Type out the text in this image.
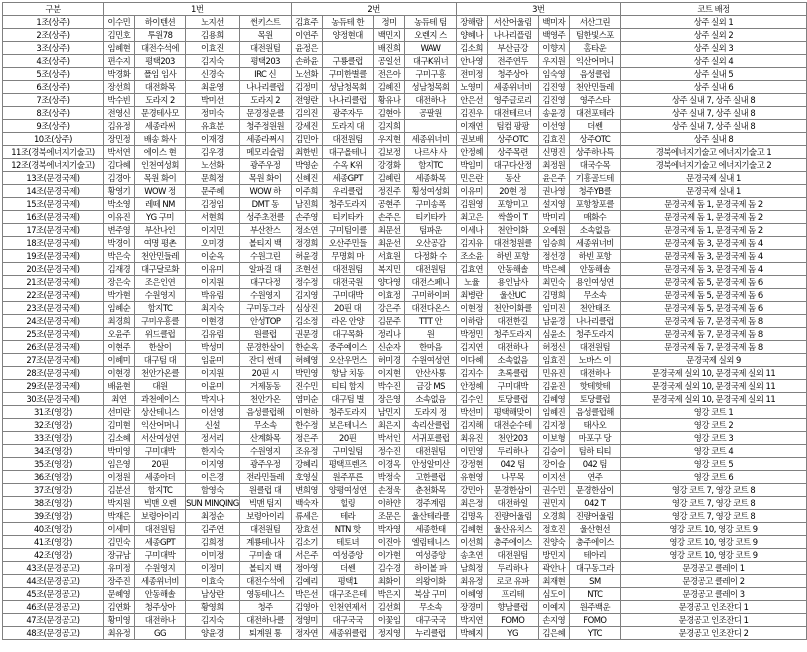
구분	1번				2번				3번				코트 배정
1조(상주)	이수민	하이텐션	노지선	썬키스트	김효주	농듀테 한	정미	농듀테 팀	장해람	서산어울림	백미자	서산그린	상주 실외 1
2조(상주)	김민호	투원78	김용희	목원	이연주	양정현대	백민지	오렌지 스	양혜나	나나리플림	백영주	팀한빛스포	상주 실외 2
3조(상주)	임혜현	대전수석에	이효진	대전원팀	윤정은		배진희	WAW	김소희	부산금강	이향지	홈타운	상주 실외 3
4조(상주)	편수지	평택203	김지숙	평택203	손하윤	구룡클럽	공일선	대구K위너	안나영	전주연두	우지원	익산어머니	상주 실외 4
5조(상주)	박경화	폴임 임사	신경숙	IRC 신	노선화	구미한별클	전은아	구미구흥	전미정	청주상아	임숙영	음성클럽	상주 실내 5
6조(상주)	장선희	대전화목	최윤영	나나리클럽	김정미	성남청목회	김혜진	성남청목회	노영미	세종위너비	김진영	천안민들레	상주 실내 6
7조(상주)	박수빈	도라지 2	박미선	도라지 2	전영란	나나리클럽	황유나	대전하나	안은선	영주글로리	김진영	영주스타	상주 실내 7, 상주 실내 8
8조(상주)	전영신	문경테사모	정미숙	문경정운클	김의진	광주자두	김현아	공팔원	김진우	대전테르너	송윤경	대전포테라	상주 실내 7, 상주 실내 8
9조(상주)	김유정	세종라써	유효분	청주정원원	강세진	도라지 대	김지희		이재연	팀컴 팡팡	이선영	더쎈	상주 실내 7, 상주 실내 8
10조(상주)	장민정	배송 화사	이재경	세종라쩌시	김민아	대전원팀	우지현	세종위너비	권보배	상주OTC	김효진	상주OTC	상주 실내 8
11조(경북에너지기술고)	박서연	에이스 현	김우경	메모리슬럼	최한빈	대구올테니	김보정	나르샤 사	안정혜	상주목련	신명진	상주하나특	경북에너지기술고 에너지기술고 1
12조(경북에너지기술고)	김다혜	인천여성회	노선화	광주우정	박영순	수옥 K위	강경화	함지TC	박임미	대구다산정	최정원	대국수목	경북에너지기술고 에너지기술고 2
13조(문경국제)	김경아	목원 화이	문희정	목원 화이	신혜진	세종GPT	김혜린	세종화목	민은란	동산	윤은주	기흥골드테	문경국제 실내 1
14조(문경국제)	황영기	WOW 정	문주혜	WOW 하	이주희	우리클럽	정진주	횡성여성회	이유미	20현 정	권나영	청주YB클	문경국제 실내 1
15조(문경국제)	박소영	레떼 NM	김정임	DMT 동	남진희	청주도라지	공현주	구미송폭	김원영	포항미고	설지영	포항창포클	문경국제 돔 1, 문경국제 돔 2
16조(문경국제)	이유진	YG 구미	서현희	성주초전클	손주영	티키타카	손주은	티키타카	최고은	싹쓸이 T	박미리	매화수	문경국제 돔 1, 문경국제 돔 2
17조(문경국제)	변주영	부산나인	이지민	부산찬스	정소연	구미팀이클	최문선	팀파운	이세나	천안이화	오예원	소속없음	문경국제 돔 1, 문경국제 돔 2
18조(문경국제)	박경이	여명 평촌	오미경	볼티지 백	정경희	오산주민들	최운선	오산공감	김지유	대전청원클	임승희	세종위너비	문경국제 돔 3, 문경국제 돔 4
19조(문경국제)	박은숙	천안민들레	이순옥	수원그린	허윤경	무명회 마	서효원	다정화 수	조소윤	하빈 포항	정선경	하빈 포항	문경국제 돔 3, 문경국제 돔 4
20조(문경국제)	김재경	대구달로화	이유미	알파걸 대	조현선	대전원팀	복지민	대전원팀	김효연	안동해솔	박은혜	안동해솔	문경국제 돔 3, 문경국제 돔 4
21조(문경국제)	장은숙	조은인연	이지원	대구다정	정수정	대전국원	양다영	대전스페니	노율	용인남사	최민숙	용인여성연	문경국제 돔 5, 문경국제 돔 6
22조(문경국제)	박가현	수원영지	박유림	수원영지	김지영	구미대박	이효정	구미하이퍼	최병란	울산UC	김명희	무소속	문경국제 돔 5, 문경국제 돔 6
23조(문경국제)	임혜순	함지TC	최지숙	구미동그라	심상진	20핀 대	강은주	대전다온스	이현정	천안이화클	임미진	천안태조	문경국제 돔 5, 문경국제 돔 6
24조(문경국제)	최경희	구미우흥클	이현경	안성TOP	김소정	라온 안양	김문주	TTT 안	이하람	대전한길	남윤경	나나리클럽	문경국제 돔 7, 문경국제 돔 8
25조(문경국제)	오윤주	위드클럽	김유림	원클럽	권문경	대구목화	정리나	원	박정민	청주도라지	심윤소	청주도라지	문경국제 돔 7, 문경국제 돔 8
26조(문경국제)	이현주	한살이	박성미	문경한살이	한순옥	중주예이스	신순자	한마음	김지연	대전하나	허정신	대전원팀	문경국제 돔 7, 문경국제 돔 8
27조(문경국제)	이혜미	대구팀 대	임윤미	잔디 썬데	허혜영	오산우먼스	허미경	수원여성연	이다혜	소속없음	임효진	노바스 이	문경국제 실외 9
28조(문경국제)	이현경	천안가온클	이지원	20핀 시	박민영	항남 치동	이지현	안산사통	김지수	초록클럽	민유진	대전하나	문경국제 실외 10, 문경국제 실외 11
29조(문경국제)	배윤현	대원	이윤미	거제동동	진수민	티티 함지	박수진	금강 MS	안정혜	구미대박	김윤진	핫테핫테	문경국제 실외 10, 문경국제 실외 11
30조(문경국제)	최연	과천에이스	박지나	천안가온	염미순	대구팀 별	장은영	소속없음	김수인	토당클럽	김혜영	토당클럽	문경국제 실외 10, 문경국제 실외 11
31조(영강)	선미란	상산테니스	이선영	음성클럽해	이현하	청주도라지	남민지	도라지 정	박선미	평택해맞이	임혜진	음성클럽해	영강 코트 1
32조(영강)	김미현	익산어머니	신설	무소속	한수정	보은테니스	최은지	속리산클럽	김지해	대전순수테	김지정	태사오	영강 코트 2
33조(영강)	김소혜	서산여성연	정서리	산계화목	정은주	20핀	박서인	서귀포클럽	최유진	천안203	이보형	마포구 당	영강 코트 3
34조(영강)	박미영	구미대박	한지숙	수원영지	조유정	구미일팀	정수진	대전원팀	이민영	두리하나	김승이	팀하 티티	영강 코트 4
35조(영강)	임은영	20핀	이지영	광주우정	강혜리	평택프렌즈	이경옥	안성알미산	강정현	042 팀	강이슬	042 팀	영강 코트 5
36조(영강)	이정원	세종아더	이은경	전라민들레	호영실	원주푸른	박정숙	고한클럽	유현영	나무목	이지선	연주	영강 코트 6
37조(영강)	김분선	함지TC	함영숙	원클럽 대	변희영	양평여성연	손정욱	춘천화목	강민아	문경한삼이	권수민	문경한삼이	영강 코트 7, 영강 코트 8
38조(영강)	박지원	빅맨 오렌	SUN MINQING	빅맨 팀지	백숙자	힐링	이하얀	경주계림	최은정	대전하일	권민지	042 T	영강 코트 7, 영강 코트 8
39조(영강)	박재은	보령아이리	최정순	보령아이리	류세은	테라	조문은	울산테라클	김명옥	진량어울림	오경희	진량어울림	영강 코트 7, 영강 코트 8
40조(영강)	이세미	대전원팀	김주연	대전원팀	장효선	NTN 핫	박자영	세종한태	김혜현	울산유치스	정호진	울산현선	영강 코트 10, 영강 코트 9
41조(영강)	김민숙	세종GPT	김희정	계룡테니사	김소기	테토녀	이진아	엘림테니스	이선희	충주에이스	진양숙	충주에이스	영강 코트 10, 영강 코트 9
42조(영강)	장규남	구미대박	이미정	구미솔 대	서은주	여성증앙	이가현	여성증앙	송초연	대전원팀	방민지	테아리	영강 코트 10, 영강 코트 9
43조(문경공고)	유미정	수원영지	이정미	볼티지 백	정아영	더쎈	김수경	하이볼 파	남희정	두리하나	곽안나	대구동그라	문경공고 클레이 1
44조(문경공고)	장주진	세종위너비	이효숙	대전수석에	김예리	평택1	최화이	의왕이화	최유정	로코 유파	최재현	SM	문경공고 클레이 2
45조(문경공고)	문혜영	안동해솔	남상란	영동테니스	박은선	대구조은테	박은지	북삼 구미	이혜영	프리테	심도이	NTC	문경공고 클레이 3
46조(문경공고)	김연화	청주상아	황영희	청주	김영아	인천연제서	김선회	무소속	장경미	향남클럽	이예지	원주백운	문경공고 인조잔디 1
47조(문경공고)	황미영	대전하나	김지숙	대전하나클	정영미	대구국국	이꽃임	대구국국	박지연	FOMO	손지영	FOMO	문경공고 인조잔디 1
48조(문경공고)	최유정	GG	양윤경	퇴계원 통	정자연	세종위클럽	정지영	누리클럽	박혜지	YG	김은혜	YTC	문경공고 인조잔디 2
